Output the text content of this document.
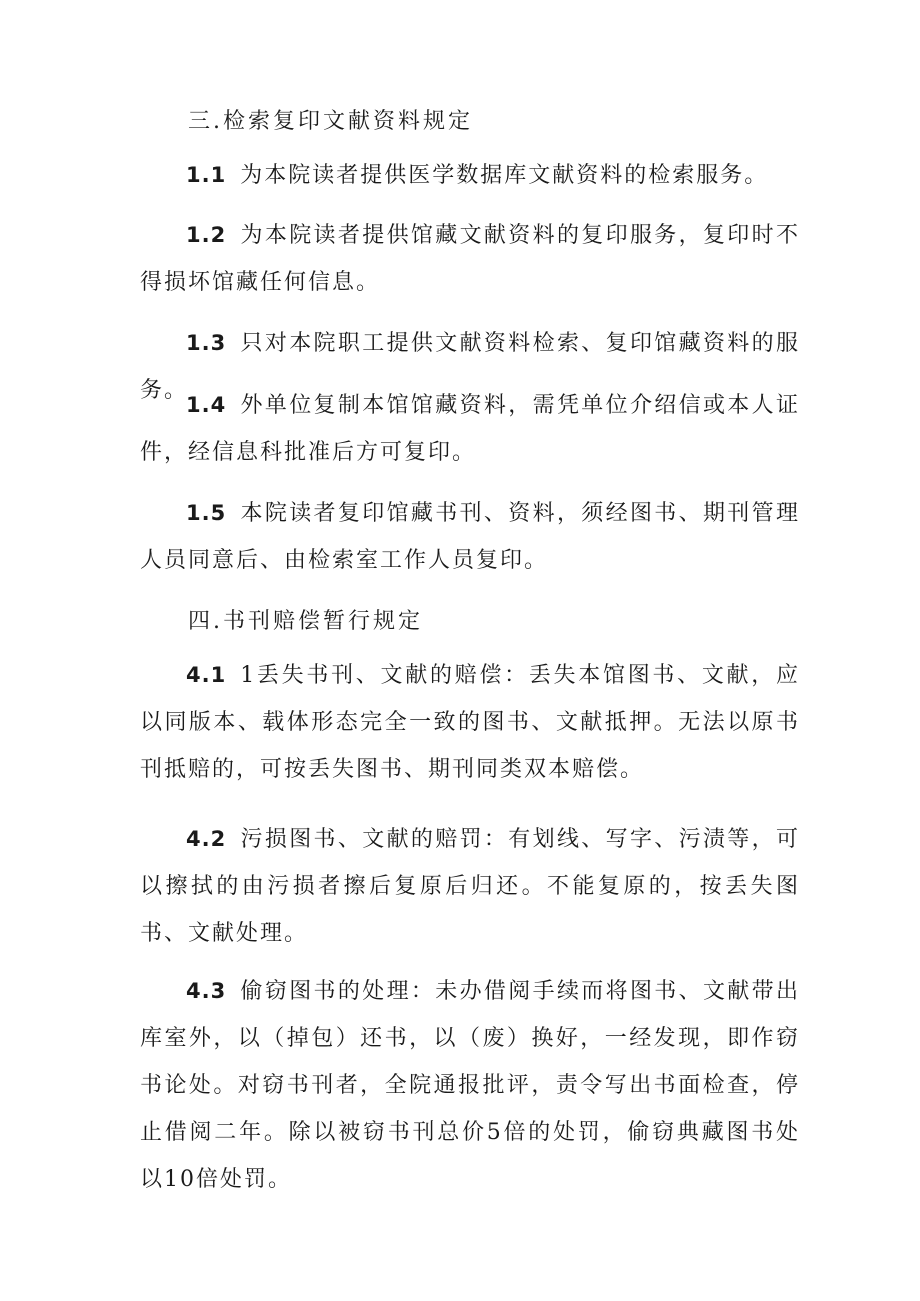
三.检索复印文献资料规定
1.1 为本院读者提供医学数据库文献资料的检索服务。
1.2 为本院读者提供馆藏文献资料的复印服务，复印时不得损坏馆藏任何信息。
1.3 只对本院职工提供文献资料检索、复印馆藏资料的服务。
1.4 外单位复制本馆馆藏资料，需凭单位介绍信或本人证件，经信息科批准后方可复印。
1.5 本院读者复印馆藏书刊、资料，须经图书、期刊管理人员同意后、由检索室工作人员复印。
四.书刊赔偿暂行规定
4.1 1丢失书刊、文献的赔偿：丢失本馆图书、文献，应以同版本、载体形态完全一致的图书、文献抵押。无法以原书刊抵赔的，可按丢失图书、期刊同类双本赔偿。
4.2 污损图书、文献的赔罚：有划线、写字、污渍等，可以擦拭的由污损者擦后复原后归还。不能复原的，按丢失图书、文献处理。
4.3 偷窃图书的处理：未办借阅手续而将图书、文献带出库室外，以（掉包）还书，以（废）换好，一经发现，即作窃书论处。对窃书刊者，全院通报批评，责令写出书面检查，停止借阅二年。除以被窃书刊总价5倍的处罚，偷窃典藏图书处以10倍处罚。
